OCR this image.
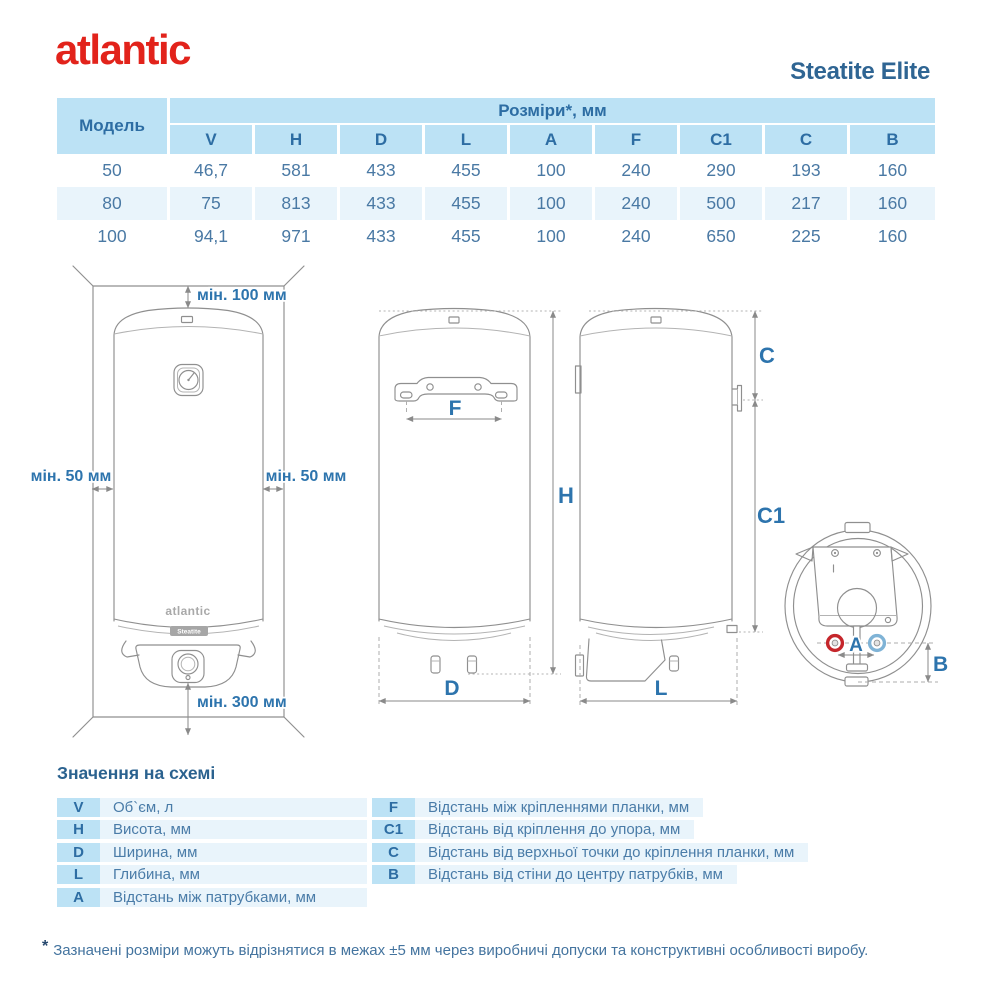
atlantic	Steatite Elite
Модель	Розміри*, мм								
	V	H	D	L	A	F	C1	C	B
50	46,7	581	433	455	100	240	290	193	160
80	75	813	433	455	100	240	500	217	160
100	94,1	971	433	455	100	240	650	225	160
atlantic
Steatite
мін. 100 мм
мін. 50 мм	мін. 50 мм
мін. 300 мм
F
H
D
C
C1
L
A
B
Значення на схемі
V	Об`єм, л
H	Висота, мм
D	Ширина, мм
L	Глибина, мм
A	Відстань між патрубками, мм
F	Відстань між кріпленнями планки, мм
C1	Відстань від кріплення до упора, мм
C	Відстань від верхньої точки до кріплення планки, мм
B	Відстань від стіни до центру патрубків, мм
* Зазначені розміри можуть відрізнятися в межах ±5 мм через виробничі допуски та конструктивні особливості виробу.
